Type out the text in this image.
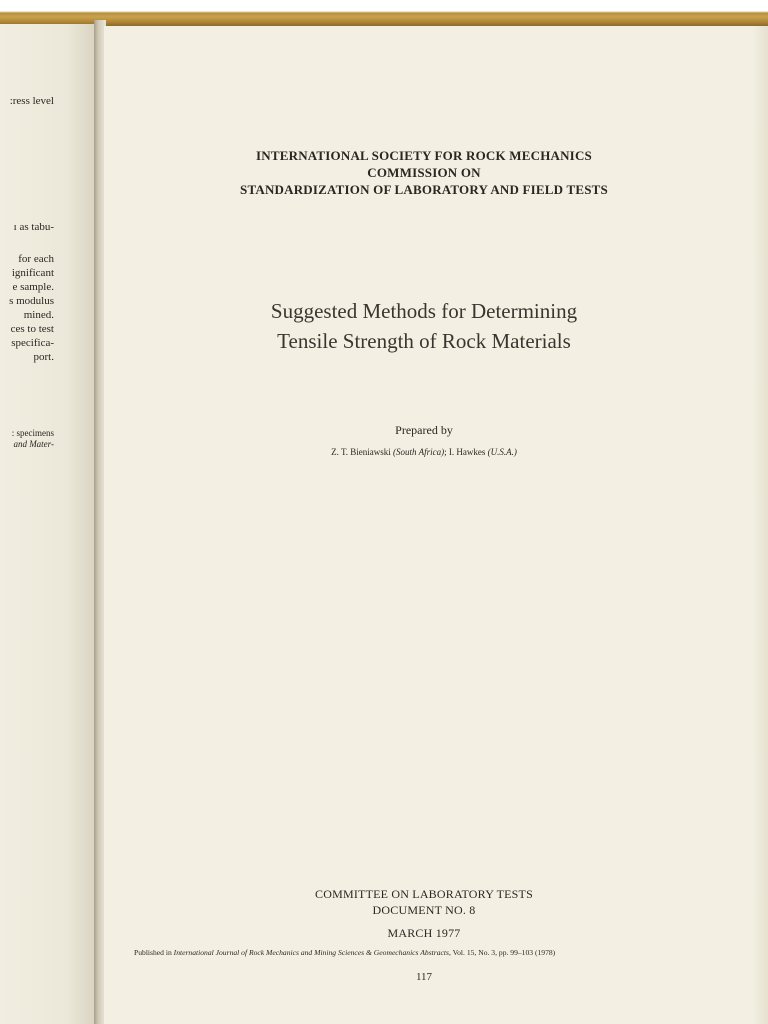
:ress level
ı as tabu-
for each
ignificant
e sample.
s modulus
mined.
ces to test
specifica-
port.
: specimens
and Mater-
INTERNATIONAL SOCIETY FOR ROCK MECHANICS
COMMISSION ON
STANDARDIZATION OF LABORATORY AND FIELD TESTS
Suggested Methods for Determining
Tensile Strength of Rock Materials
Prepared by
Z. T. Bieniawski (South Africa); I. Hawkes (U.S.A.)
COMMITTEE ON LABORATORY TESTS
DOCUMENT NO. 8
MARCH 1977
Published in International Journal of Rock Mechanics and Mining Sciences & Geomechanics Abstracts, Vol. 15, No. 3, pp. 99–103 (1978)
117
